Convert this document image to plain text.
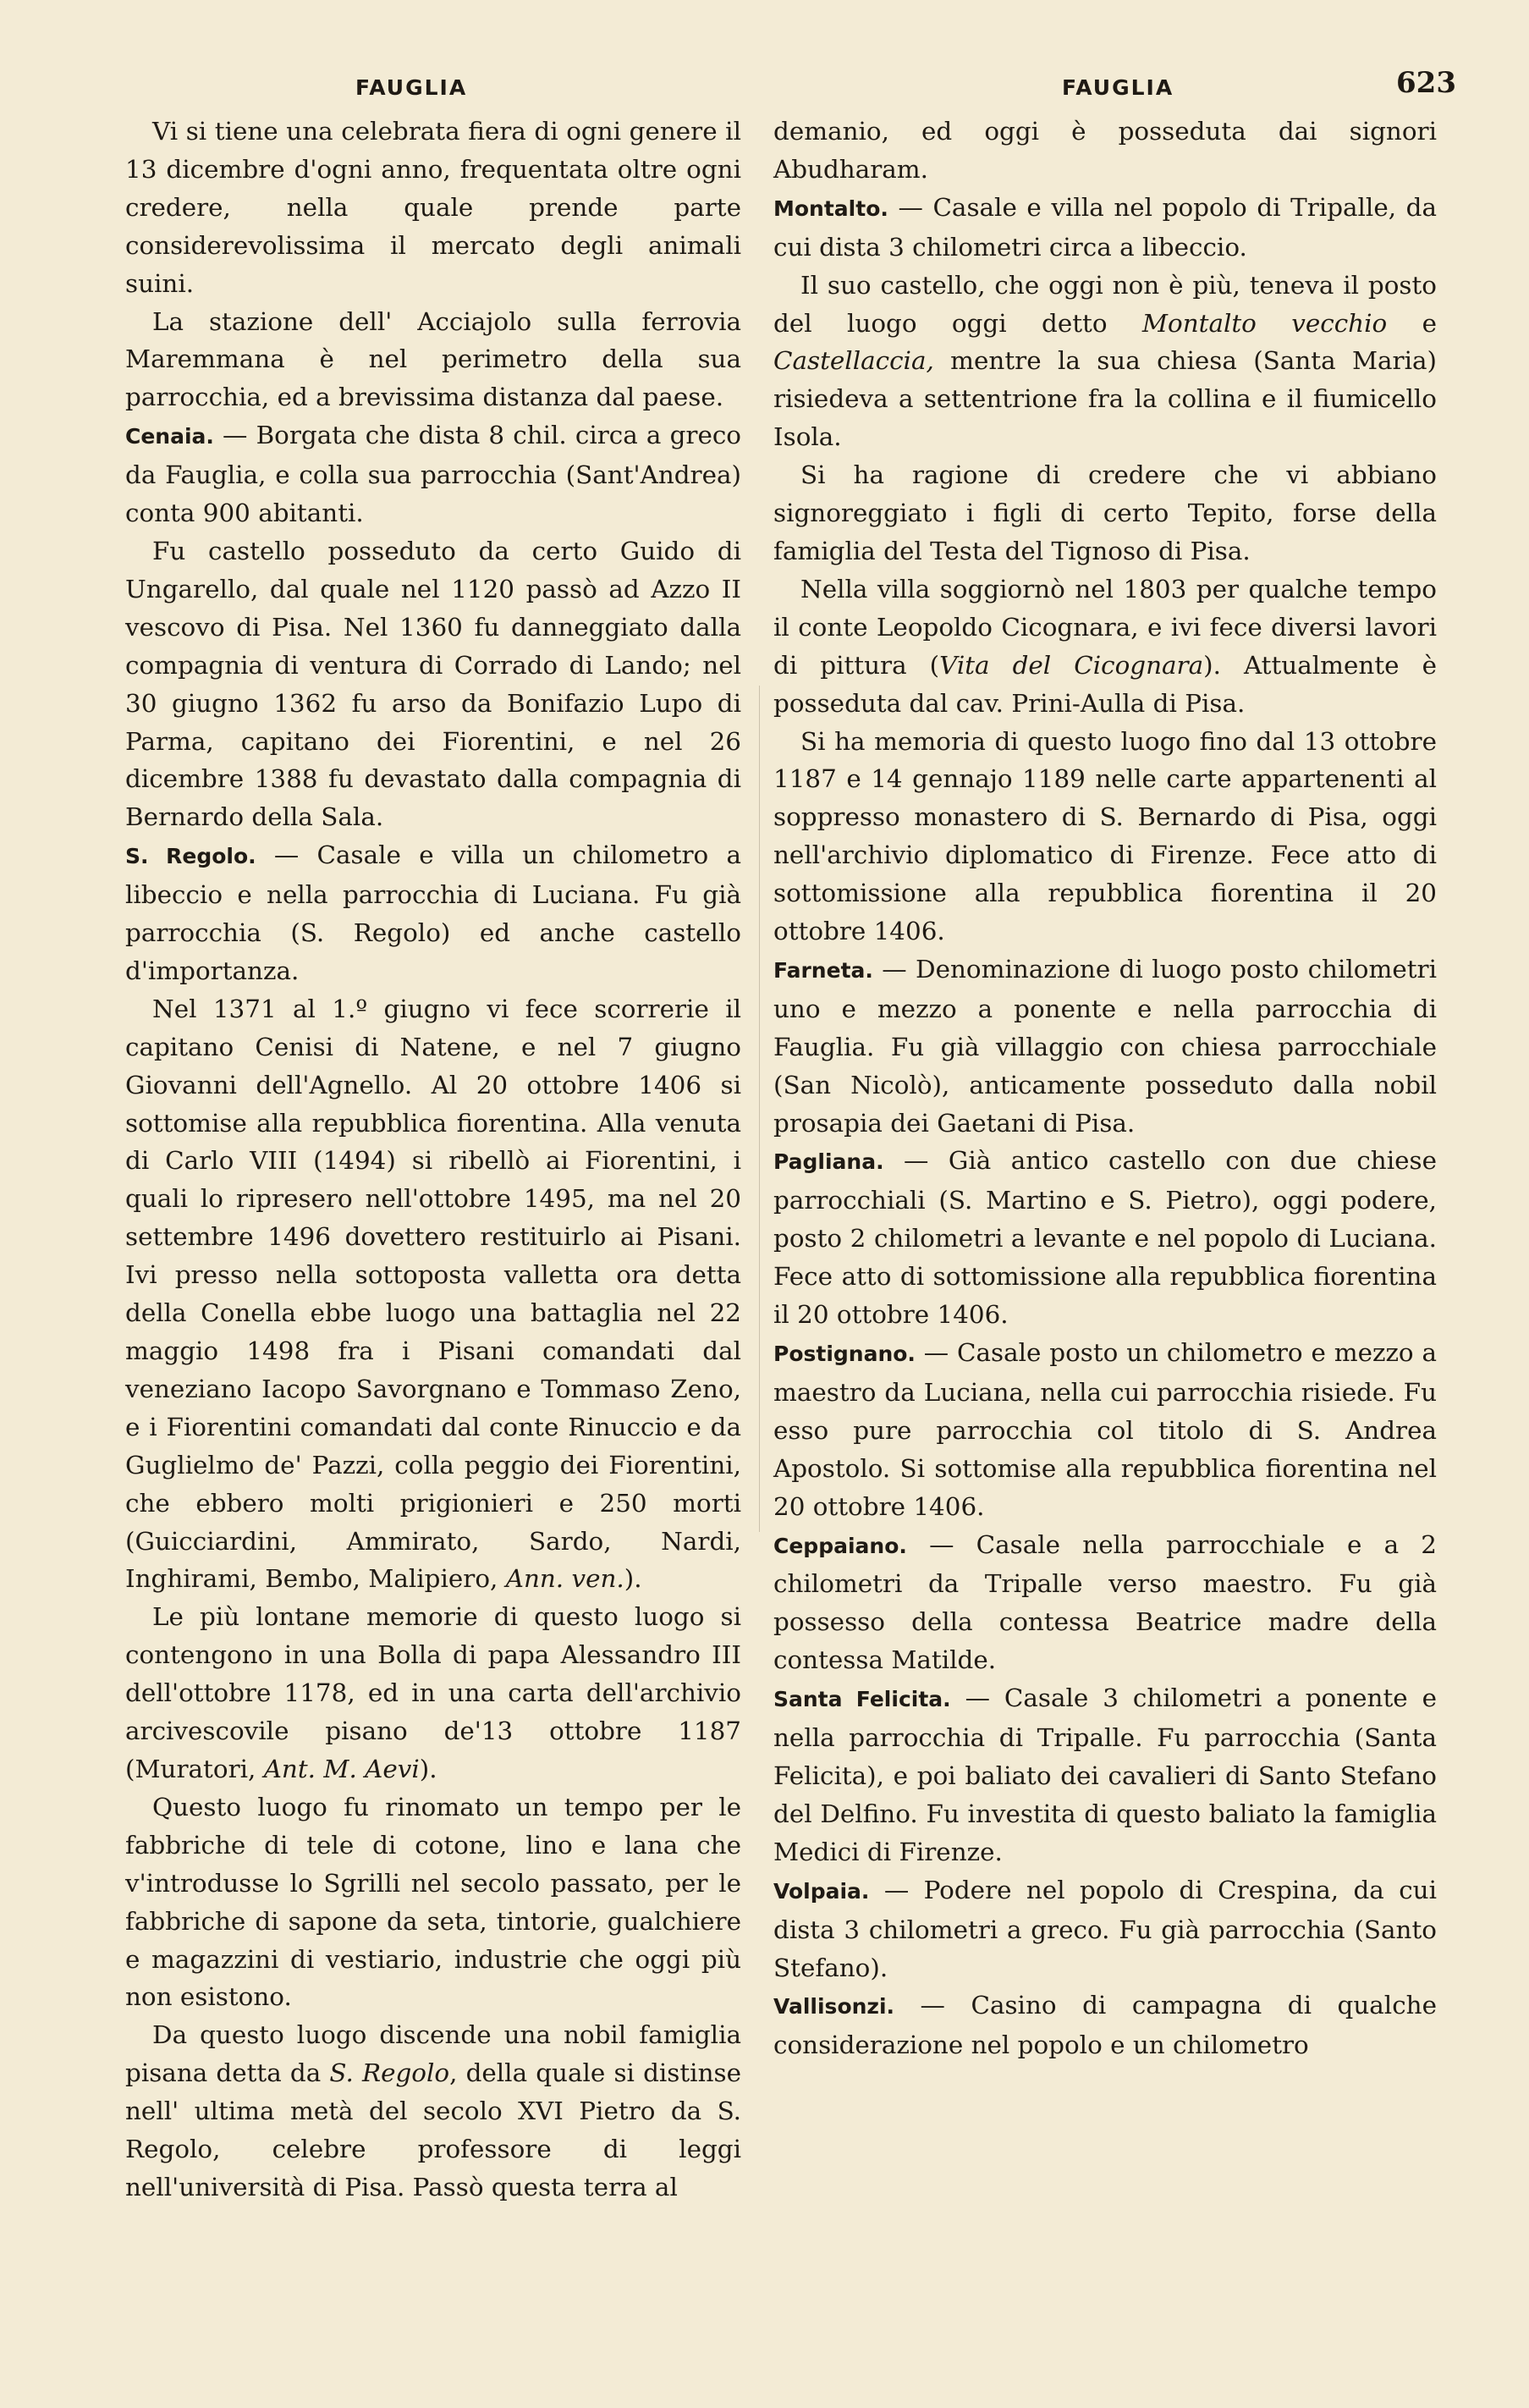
FAUGLIA	FAUGLIA	623

Vi si tiene una celebrata fiera di ogni genere il 13 dicembre d'ogni anno, frequentata oltre ogni credere, nella quale prende parte considerevolissima il mercato degli animali suini.

La stazione dell' Acciajolo sulla ferrovia Maremmana è nel perimetro della sua parrocchia, ed a brevissima distanza dal paese.

Cenaia. — Borgata che dista 8 chil. circa a greco da Fauglia, e colla sua parrocchia (Sant'Andrea) conta 900 abitanti.

Fu castello posseduto da certo Guido di Ungarello, dal quale nel 1120 passò ad Azzo II vescovo di Pisa. Nel 1360 fu danneggiato dalla compagnia di ventura di Corrado di Lando; nel 30 giugno 1362 fu arso da Bonifazio Lupo di Parma, capitano dei Fiorentini, e nel 26 dicembre 1388 fu devastato dalla compagnia di Bernardo della Sala.

S. Regolo. — Casale e villa un chilometro a libeccio e nella parrocchia di Luciana. Fu già parrocchia (S. Regolo) ed anche castello d'importanza.

Nel 1371 al 1.º giugno vi fece scorrerie il capitano Cenisi di Natene, e nel 7 giugno Giovanni dell'Agnello. Al 20 ottobre 1406 si sottomise alla repubblica fiorentina. Alla venuta di Carlo VIII (1494) si ribellò ai Fiorentini, i quali lo ripresero nell'ottobre 1495, ma nel 20 settembre 1496 dovettero restituirlo ai Pisani. Ivi presso nella sottoposta valletta ora detta della Conella ebbe luogo una battaglia nel 22 maggio 1498 fra i Pisani comandati dal veneziano Iacopo Savorgnano e Tommaso Zeno, e i Fiorentini comandati dal conte Rinuccio e da Guglielmo de' Pazzi, colla peggio dei Fiorentini, che ebbero molti prigionieri e 250 morti (Guicciardini, Ammirato, Sardo, Nardi, Inghirami, Bembo, Malipiero, Ann. ven.).

Le più lontane memorie di questo luogo si contengono in una Bolla di papa Alessandro III dell'ottobre 1178, ed in una carta dell'archivio arcivescovile pisano de'13 ottobre 1187 (Muratori, Ant. M. Aevi).

Questo luogo fu rinomato un tempo per le fabbriche di tele di cotone, lino e lana che v'introdusse lo Sgrilli nel secolo passato, per le fabbriche di sapone da seta, tintorie, gualchiere e magazzini di vestiario, industrie che oggi più non esistono.

Da questo luogo discende una nobil famiglia pisana detta da S. Regolo, della quale si distinse nell' ultima metà del secolo XVI Pietro da S. Regolo, celebre professore di leggi nell'università di Pisa. Passò questa terra al

demanio, ed oggi è posseduta dai signori Abudharam.

Montalto. — Casale e villa nel popolo di Tripalle, da cui dista 3 chilometri circa a libeccio.

Il suo castello, che oggi non è più, teneva il posto del luogo oggi detto Montalto vecchio e Castellaccia, mentre la sua chiesa (Santa Maria) risiedeva a settentrione fra la collina e il fiumicello Isola.

Si ha ragione di credere che vi abbiano signoreggiato i figli di certo Tepito, forse della famiglia del Testa del Tignoso di Pisa.

Nella villa soggiornò nel 1803 per qualche tempo il conte Leopoldo Cicognara, e ivi fece diversi lavori di pittura (Vita del Cicognara). Attualmente è posseduta dal cav. Prini-Aulla di Pisa.

Si ha memoria di questo luogo fino dal 13 ottobre 1187 e 14 gennajo 1189 nelle carte appartenenti al soppresso monastero di S. Bernardo di Pisa, oggi nell'archivio diplomatico di Firenze. Fece atto di sottomissione alla repubblica fiorentina il 20 ottobre 1406.

Farneta. — Denominazione di luogo posto chilometri uno e mezzo a ponente e nella parrocchia di Fauglia. Fu già villaggio con chiesa parrocchiale (San Nicolò), anticamente posseduto dalla nobil prosapia dei Gaetani di Pisa.

Pagliana. — Già antico castello con due chiese parrocchiali (S. Martino e S. Pietro), oggi podere, posto 2 chilometri a levante e nel popolo di Luciana. Fece atto di sottomissione alla repubblica fiorentina il 20 ottobre 1406.

Postignano. — Casale posto un chilometro e mezzo a maestro da Luciana, nella cui parrocchia risiede. Fu esso pure parrocchia col titolo di S. Andrea Apostolo. Si sottomise alla repubblica fiorentina nel 20 ottobre 1406.

Ceppaiano. — Casale nella parrocchiale e a 2 chilometri da Tripalle verso maestro. Fu già possesso della contessa Beatrice madre della contessa Matilde.

Santa Felicita. — Casale 3 chilometri a ponente e nella parrocchia di Tripalle. Fu parrocchia (Santa Felicita), e poi baliato dei cavalieri di Santo Stefano del Delfino. Fu investita di questo baliato la famiglia Medici di Firenze.

Volpaia. — Podere nel popolo di Crespina, da cui dista 3 chilometri a greco. Fu già parrocchia (Santo Stefano).

Vallisonzi. — Casino di campagna di qualche considerazione nel popolo e un chilometro
